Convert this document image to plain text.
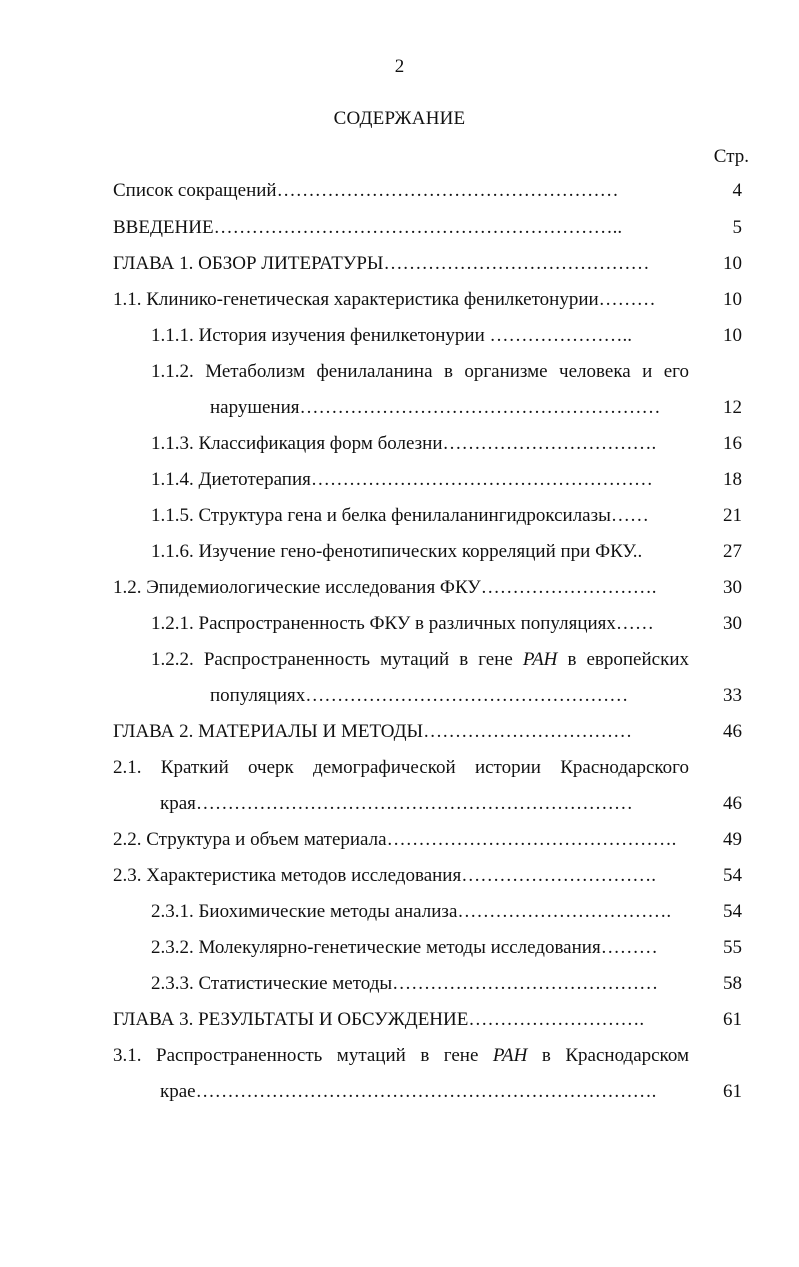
2
СОДЕРЖАНИЕ
Стр.
Список сокращений………………………………………………	4
ВВЕДЕНИЕ………………………………………………………..	5
ГЛАВА 1. ОБЗОР ЛИТЕРАТУРЫ……………………………………	10
1.1. Клинико-генетическая характеристика фенилкетонурии………	10
1.1.1. История изучения фенилкетонурии …………………..	10
1.1.2. Метаболизм фенилаланина в организме человека и его
нарушения…………………………………………………	12
1.1.3. Классификация форм болезни…………………………….	16
1.1.4. Диетотерапия………………………………………………	18
1.1.5. Структура гена и белка фенилаланингидроксилазы……	21
1.1.6. Изучение гено-фенотипических корреляций при ФКУ..	27
1.2. Эпидемиологические исследования ФКУ……………………….	30
1.2.1. Распространенность ФКУ в различных популяциях……	30
1.2.2. Распространенность мутаций в гене PAH в европейских
популяциях……………………………………………	33
ГЛАВА 2. МАТЕРИАЛЫ И МЕТОДЫ……………………………	46
2.1. Краткий очерк демографической истории Краснодарского
края……………………………………………………………	46
2.2. Структура и объем материала……………………………………….	49
2.3. Характеристика методов исследования………………………….	54
2.3.1. Биохимические методы анализа…………………………….	54
2.3.2. Молекулярно-генетические методы исследования………	55
2.3.3. Статистические методы……………………………………	58
ГЛАВА 3. РЕЗУЛЬТАТЫ И ОБСУЖДЕНИЕ……………………….	61
3.1. Распространенность мутаций в гене PAH в Краснодарском
крае……………………………………………………………….	61
